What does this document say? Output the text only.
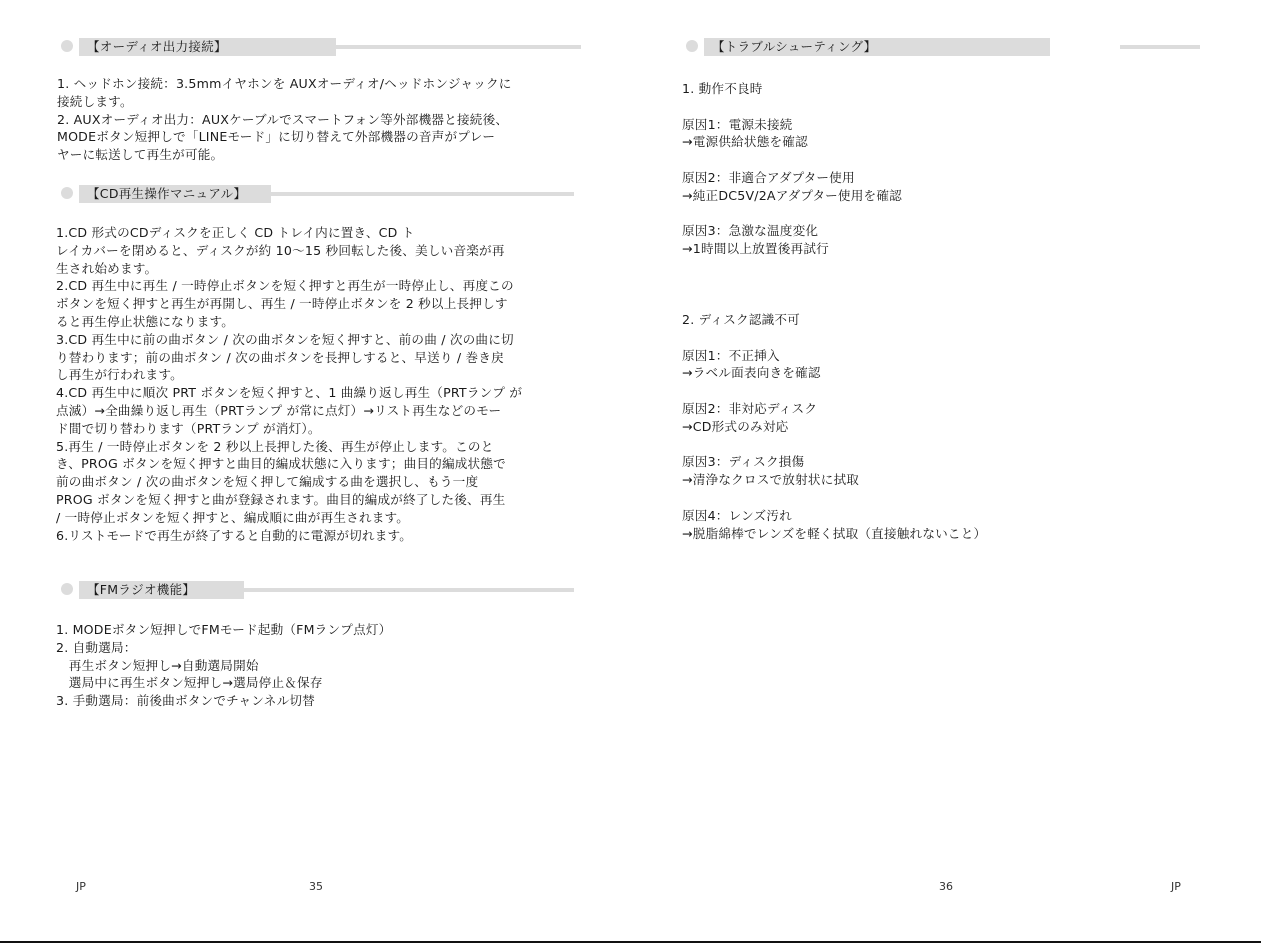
【オーディオ出力接続】
1. ヘッドホン接続：3.5mmイヤホンを AUXオーディオ/ヘッドホンジャックに
接続します。
2. AUXオーディオ出力：AUXケーブルでスマートフォン等外部機器と接続後、
MODEボタン短押しで「LINEモード」に切り替えて外部機器の音声がプレー
ヤーに転送して再生が可能。
【CD再生操作マニュアル】
1.CD 形式のCDディスクを正しく CD トレイ内に置き、CD ト
レイカバーを閉めると、ディスクが約 10～15 秒回転した後、美しい音楽が再
生され始めます。
2.CD 再生中に再生 / 一時停止ボタンを短く押すと再生が一時停止し、再度この
ボタンを短く押すと再生が再開し、再生 / 一時停止ボタンを 2 秒以上長押しす
ると再生停止状態になります。
3.CD 再生中に前の曲ボタン / 次の曲ボタンを短く押すと、前の曲 / 次の曲に切
り替わります；前の曲ボタン / 次の曲ボタンを長押しすると、早送り / 巻き戻
し再生が行われます。
4.CD 再生中に順次 PRT ボタンを短く押すと、1 曲繰り返し再生（PRTランプ が
点滅）→全曲繰り返し再生（PRTランプ が常に点灯）→リスト再生などのモー
ド間で切り替わります（PRTランプ が消灯）。
5.再生 / 一時停止ボタンを 2 秒以上長押した後、再生が停止します。このと
き、PROG ボタンを短く押すと曲目的編成状態に入ります；曲目的編成状態で
前の曲ボタン / 次の曲ボタンを短く押して編成する曲を選択し、もう一度
PROG ボタンを短く押すと曲が登録されます。曲目的編成が終了した後、再生
/ 一時停止ボタンを短く押すと、編成順に曲が再生されます。
6.リストモードで再生が終了すると自動的に電源が切れます。
【FMラジオ機能】
1. MODEボタン短押しでFMモード起動（FMランプ点灯）
2. 自動選局：
　再生ボタン短押し→自動選局開始
　選局中に再生ボタン短押し→選局停止＆保存
3. 手動選局：前後曲ボタンでチャンネル切替
JP	35
【トラブルシューティング】
1. 動作不良時

原因1：電源未接続
→電源供給状態を確認

原因2：非適合アダプター使用
→純正DC5V/2Aアダプター使用を確認

原因3：急激な温度変化
→1時間以上放置後再試行
2. ディスク認識不可

原因1：不正挿入
→ラベル面表向きを確認

原因2：非対応ディスク
→CD形式のみ対応

原因3：ディスク損傷
→清浄なクロスで放射状に拭取

原因4：レンズ汚れ
→脱脂綿棒でレンズを軽く拭取（直接触れないこと）
36	JP
